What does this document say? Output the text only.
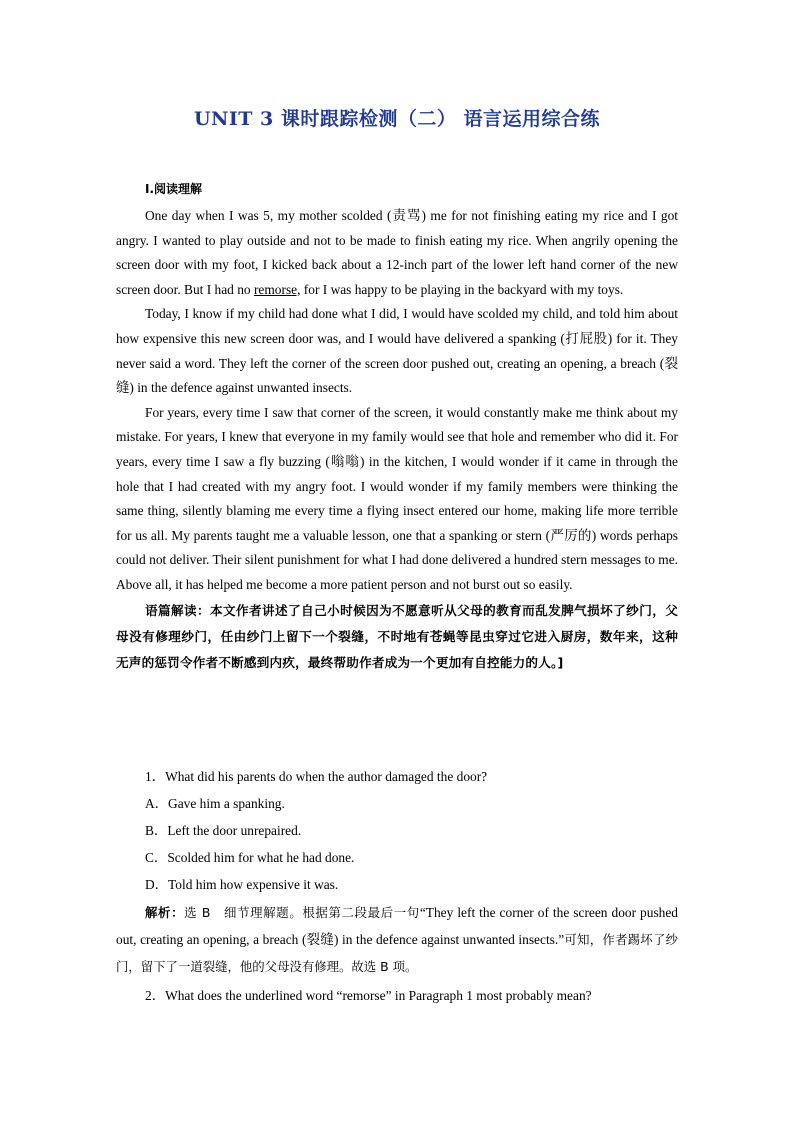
UNIT 3 课时跟踪检测（二） 语言运用综合练
Ⅰ.阅读理解

One day when I was 5, my mother scolded (责骂) me for not finishing eating my rice and I got angry. I wanted to play outside and not to be made to finish eating my rice. When angrily opening the screen door with my foot, I kicked back about a 12-inch part of the lower left hand corner of the new screen door. But I had no remorse, for I was happy to be playing in the backyard with my toys.

Today, I know if my child had done what I did, I would have scolded my child, and told him about how expensive this new screen door was, and I would have delivered a spanking (打屁股) for it. They never said a word. They left the corner of the screen door pushed out, creating an opening, a breach (裂缝) in the defence against unwanted insects.

For years, every time I saw that corner of the screen, it would constantly make me think about my mistake. For years, I knew that everyone in my family would see that hole and remember who did it. For years, every time I saw a fly buzzing (嗡嗡) in the kitchen, I would wonder if it came in through the hole that I had created with my angry foot. I would wonder if my family members were thinking the same thing, silently blaming me every time a flying insect entered our home, making life more terrible for us all. My parents taught me a valuable lesson, one that a spanking or stern (严厉的) words perhaps could not deliver. Their silent punishment for what I had done delivered a hundred stern messages to me. Above all, it has helped me become a more patient person and not burst out so easily.

语篇解读：本文作者讲述了自己小时候因为不愿意听从父母的教育而乱发脾气损坏了纱门，父母没有修理纱门，任由纱门上留下一个裂缝，不时地有苍蝇等昆虫穿过它进入厨房，数年来，这种无声的惩罚令作者不断感到内疚，最终帮助作者成为一个更加有自控能力的人。]

1．What did his parents do when the author damaged the door?
A．Gave him a spanking.
B．Left the door unrepaired.
C．Scolded him for what he had done.
D．Told him how expensive it was.

解析：选 B　细节理解题。根据第二段最后一句“They left the corner of the screen door pushed out, creating an opening, a breach (裂缝) in the defence against unwanted insects.”可知，作者踢坏了纱门，留下了一道裂缝，他的父母没有修理。故选 B 项。

2．What does the underlined word “remorse” in Paragraph 1 most probably mean?
